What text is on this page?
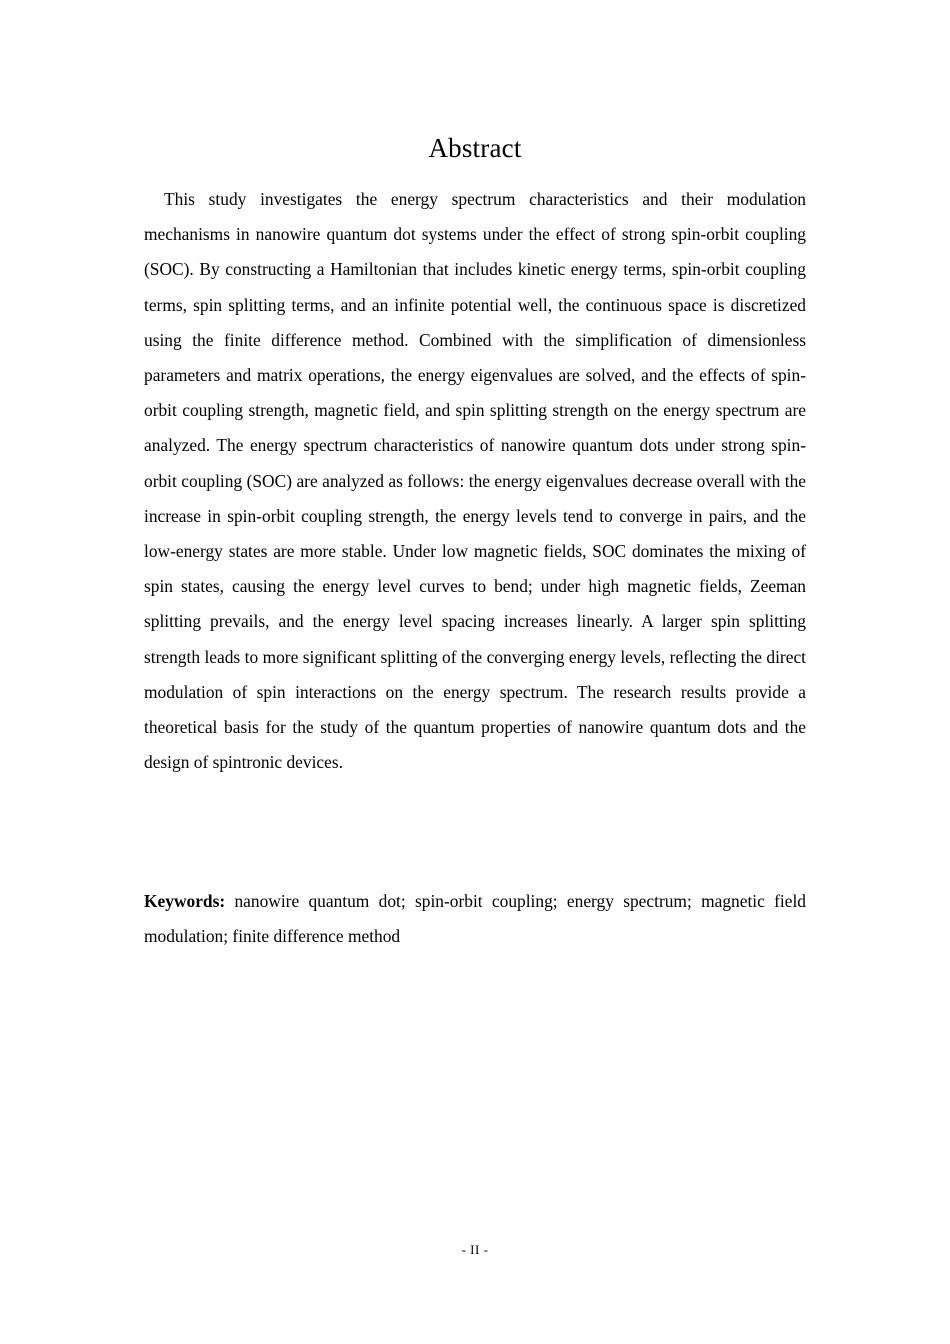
Abstract

This study investigates the energy spectrum characteristics and their modulation mechanisms in nanowire quantum dot systems under the effect of strong spin-orbit coupling (SOC). By constructing a Hamiltonian that includes kinetic energy terms, spin-orbit coupling terms, spin splitting terms, and an infinite potential well, the continuous space is discretized using the finite difference method. Combined with the simplification of dimensionless parameters and matrix operations, the energy eigenvalues are solved, and the effects of spin-orbit coupling strength, magnetic field, and spin splitting strength on the energy spectrum are analyzed. The energy spectrum characteristics of nanowire quantum dots under strong spin-orbit coupling (SOC) are analyzed as follows: the energy eigenvalues decrease overall with the increase in spin-orbit coupling strength, the energy levels tend to converge in pairs, and the low-energy states are more stable. Under low magnetic fields, SOC dominates the mixing of spin states, causing the energy level curves to bend; under high magnetic fields, Zeeman splitting prevails, and the energy level spacing increases linearly. A larger spin splitting strength leads to more significant splitting of the converging energy levels, reflecting the direct modulation of spin interactions on the energy spectrum. The research results provide a theoretical basis for the study of the quantum properties of nanowire quantum dots and the design of spintronic devices.

Keywords: nanowire quantum dot; spin-orbit coupling; energy spectrum; magnetic field modulation; finite difference method

- II -
